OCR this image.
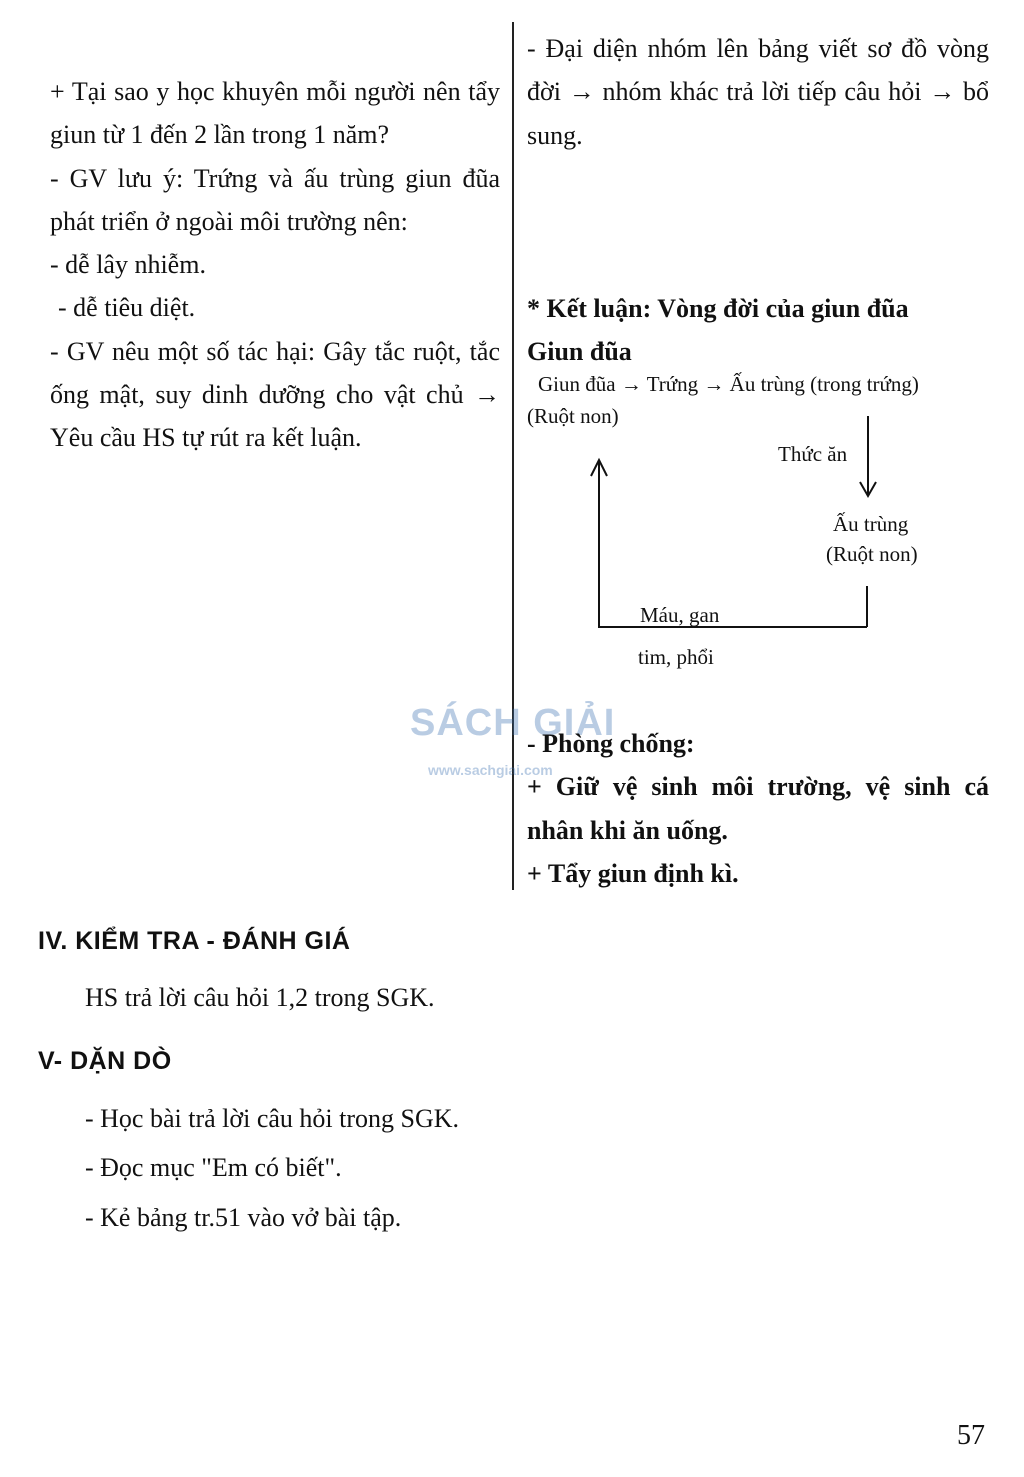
+ Tại sao y học khuyên mỗi người nên tẩy giun từ 1 đến 2 lần trong 1 năm?

- GV lưu ý: Trứng và ấu trùng giun đũa phát triển ở ngoài môi trường nên:

- dễ lây nhiễm.

- dễ tiêu diệt.

- GV nêu một số tác hại: Gây tắc ruột, tắc ống mật, suy dinh dưỡng cho vật chủ → Yêu cầu HS tự rút ra kết luận.

- Đại diện nhóm lên bảng viết sơ đồ vòng đời → nhóm khác trả lời tiếp câu hỏi → bổ sung.

* Kết luận: Vòng đời của giun đũa

Giun đũa

Giun đũa → Trứng → Ấu trùng (trong trứng)
(Ruột non)
Thức ăn
Ấu trùng
(Ruột non)
Máu, gan
tim, phổi
SÁCH GIẢI
www.sachgiai.com

- Phòng chống:

+ Giữ vệ sinh môi trường, vệ sinh cá nhân khi ăn uống.

+ Tẩy giun định kì.

IV. KIỂM TRA - ĐÁNH GIÁ
HS trả lời câu hỏi 1,2 trong SGK.
V- DẶN DÒ
- Học bài trả lời câu hỏi trong SGK.
- Đọc mục "Em có biết".
- Kẻ bảng tr.51 vào vở bài tập.
57
